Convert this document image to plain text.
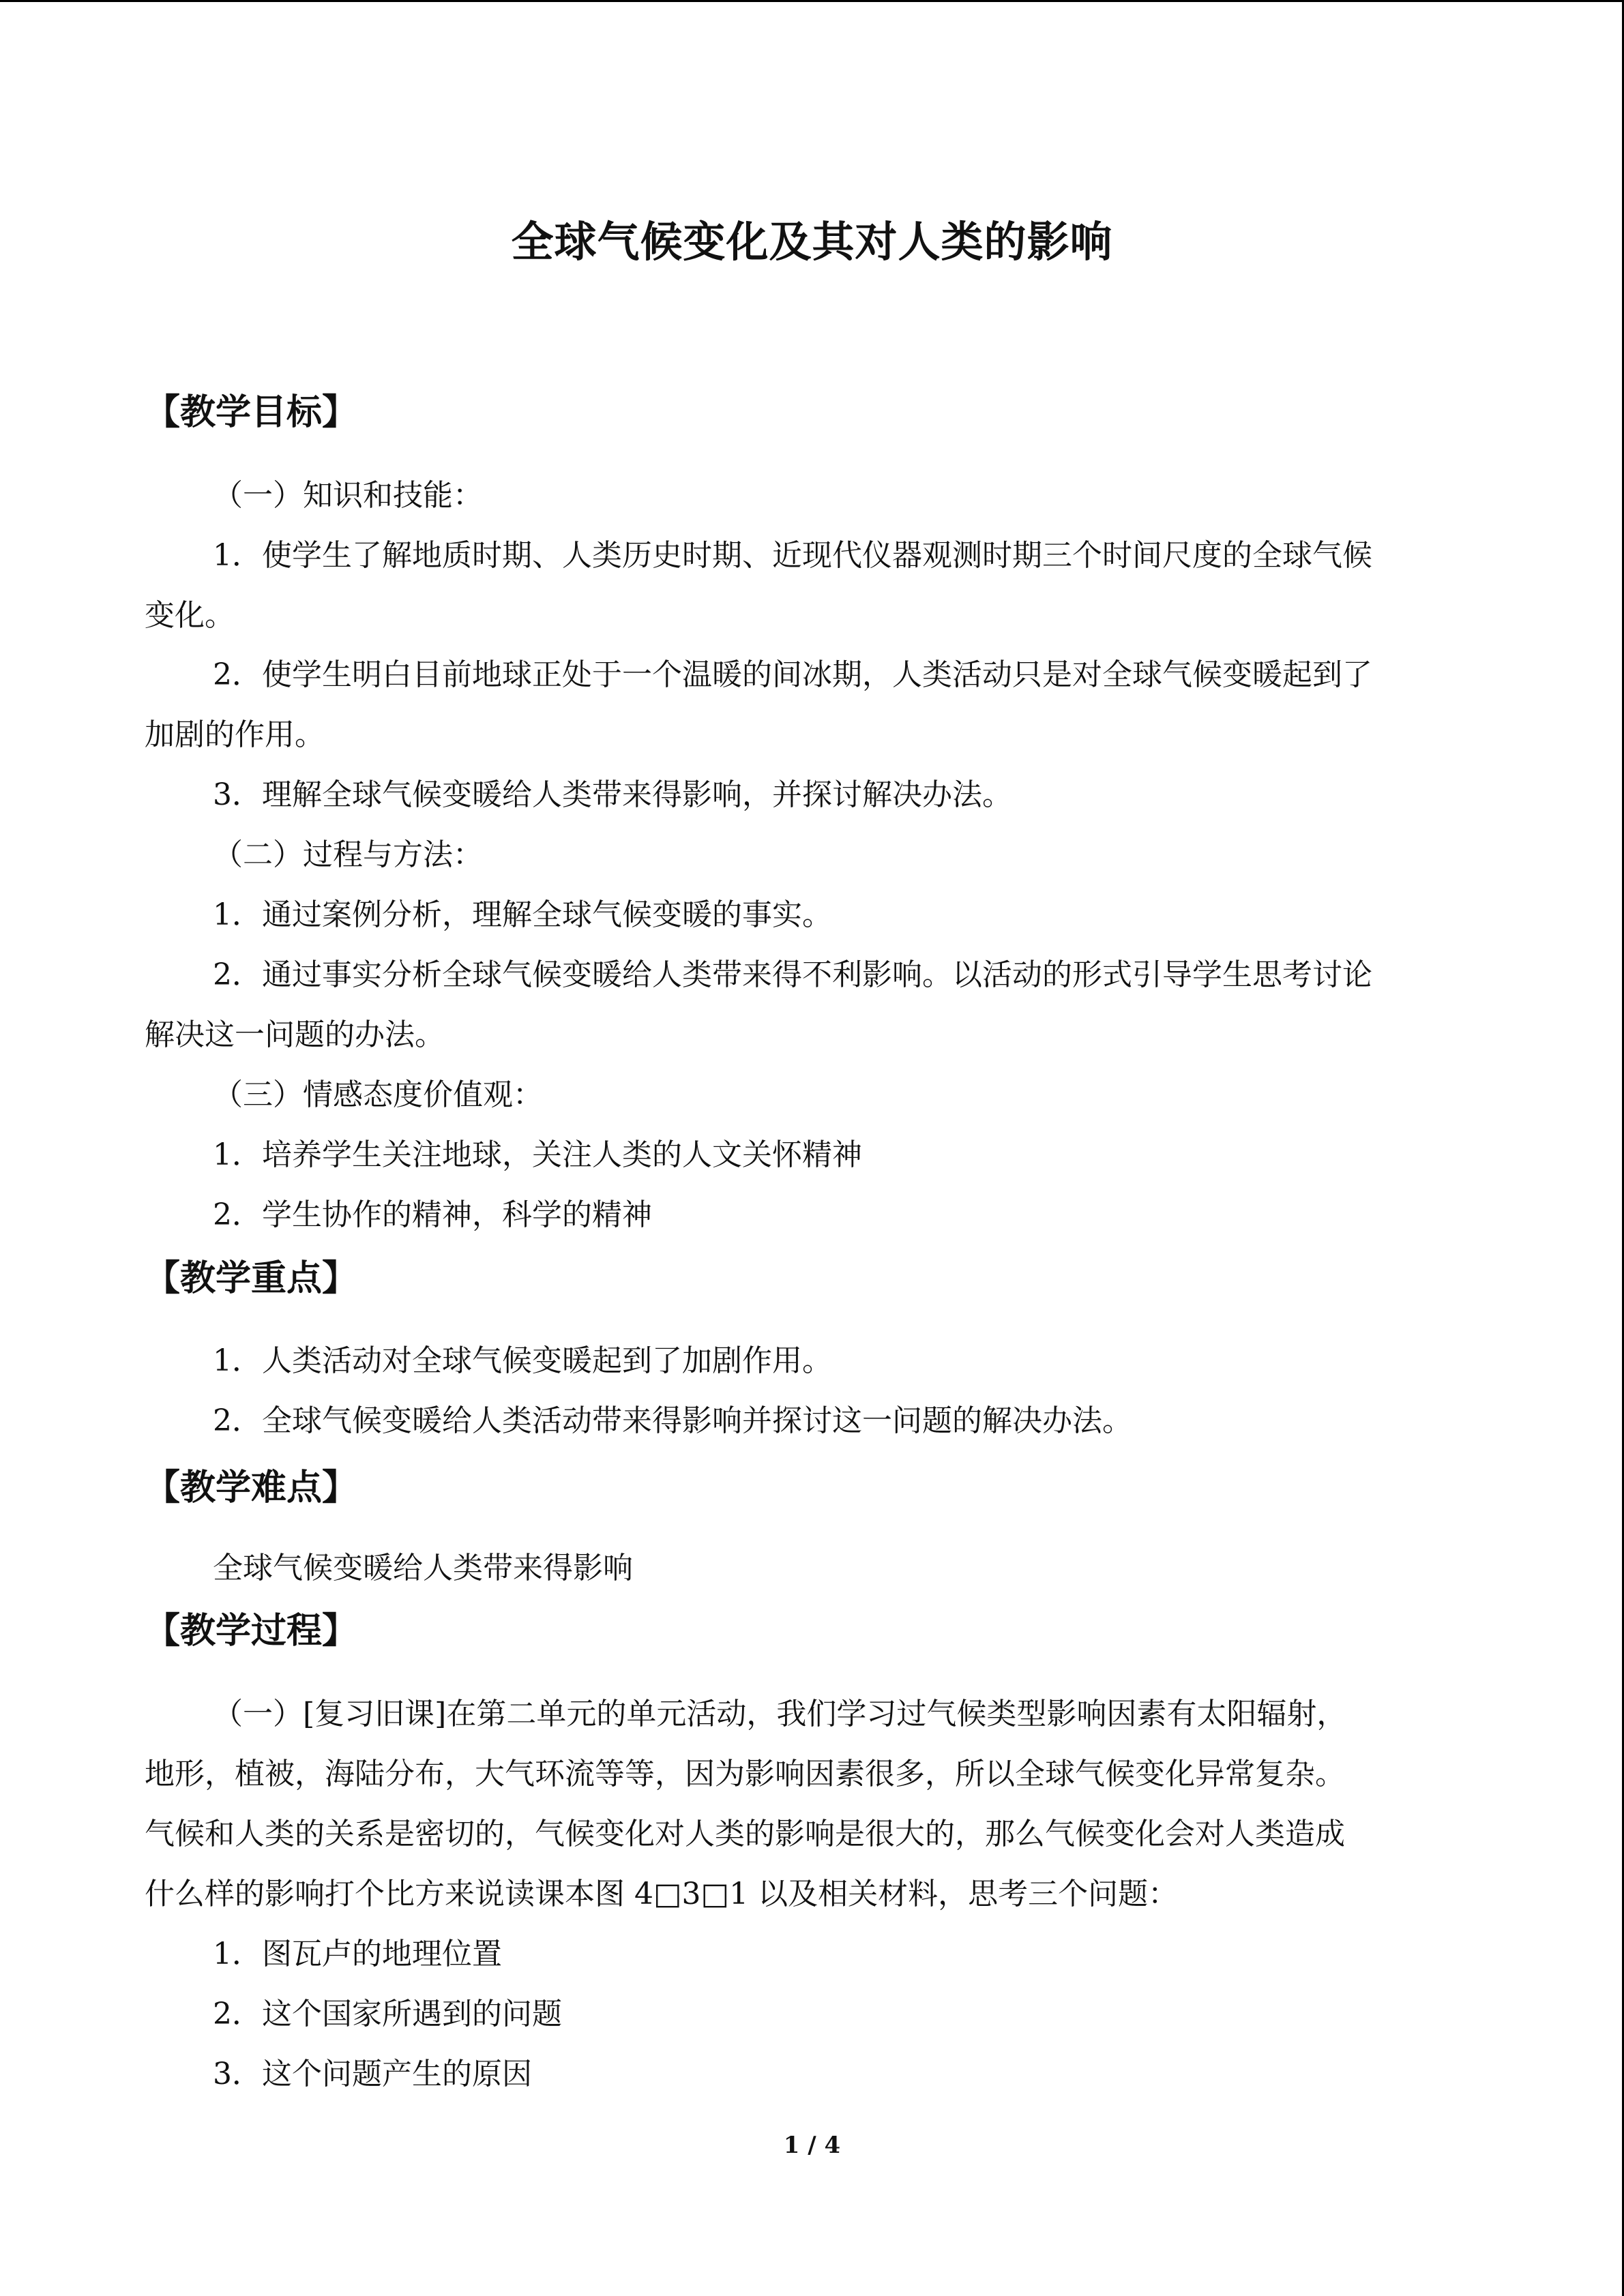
全球气候变化及其对人类的影响
【教学目标】
（一）知识和技能：
1．使学生了解地质时期、人类历史时期、近现代仪器观测时期三个时间尺度的全球气候
变化。
2．使学生明白目前地球正处于一个温暖的间冰期，人类活动只是对全球气候变暖起到了
加剧的作用。
3．理解全球气候变暖给人类带来得影响，并探讨解决办法。
（二）过程与方法：
1．通过案例分析，理解全球气候变暖的事实。
2．通过事实分析全球气候变暖给人类带来得不利影响。以活动的形式引导学生思考讨论
解决这一问题的办法。
（三）情感态度价值观：
1．培养学生关注地球，关注人类的人文关怀精神
2．学生协作的精神，科学的精神
【教学重点】
1．人类活动对全球气候变暖起到了加剧作用。
2．全球气候变暖给人类活动带来得影响并探讨这一问题的解决办法。
【教学难点】
全球气候变暖给人类带来得影响
【教学过程】
（一）[复习旧课]在第二单元的单元活动，我们学习过气候类型影响因素有太阳辐射，
地形，植被，海陆分布，大气环流等等，因为影响因素很多，所以全球气候变化异常复杂。
气候和人类的关系是密切的，气候变化对人类的影响是很大的，那么气候变化会对人类造成
什么样的影响打个比方来说读课本图 4□3□1 以及相关材料，思考三个问题：
1．图瓦卢的地理位置
2．这个国家所遇到的问题
3．这个问题产生的原因
1 / 4
